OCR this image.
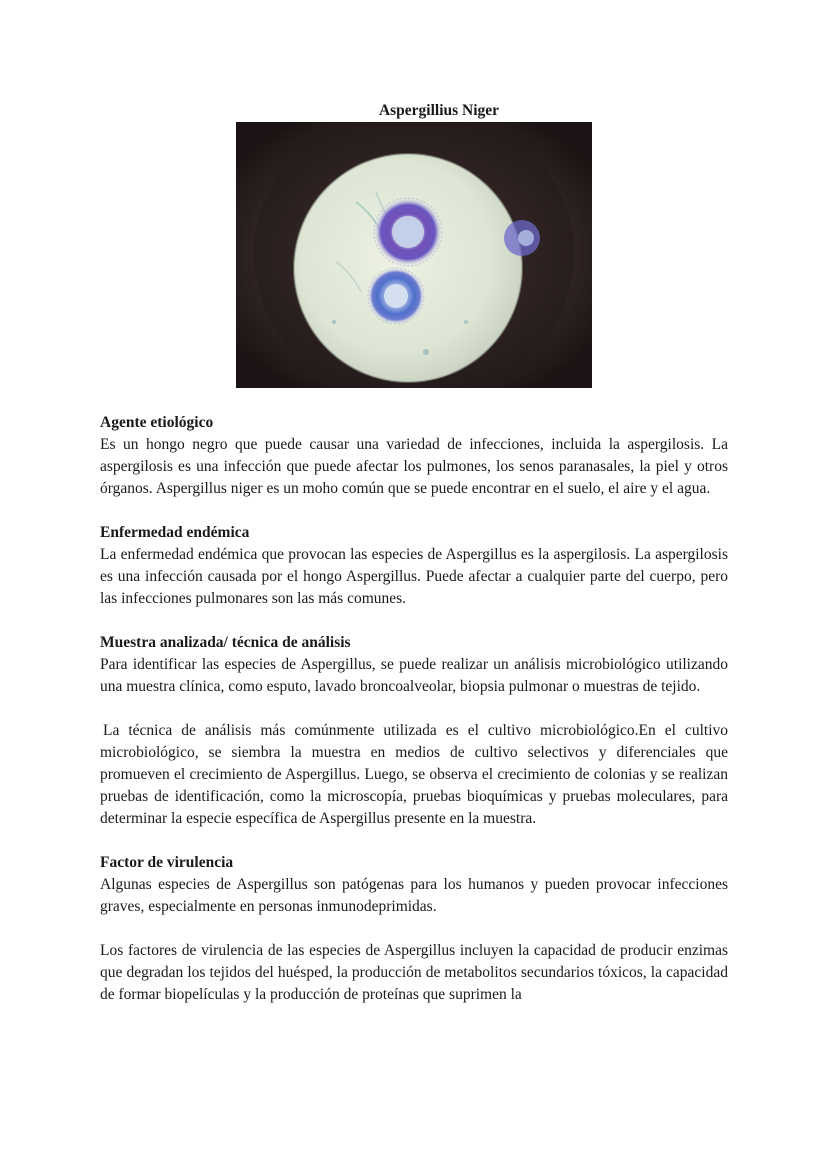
Aspergillius Niger

Agente etiológico

Es un hongo negro que puede causar una variedad de infecciones, incluida la aspergilosis. La aspergilosis es una infección que puede afectar los pulmones, los senos paranasales, la piel y otros órganos. Aspergillus niger es un moho común que se puede encontrar en el suelo, el aire y el agua.

Enfermedad endémica

La enfermedad endémica que provocan las especies de Aspergillus es la aspergilosis. La aspergilosis es una infección causada por el hongo Aspergillus. Puede afectar a cualquier parte del cuerpo, pero las infecciones pulmonares son las más comunes.

Muestra analizada/ técnica de análisis

Para identificar las especies de Aspergillus, se puede realizar un análisis microbiológico utilizando una muestra clínica, como esputo, lavado broncoalveolar, biopsia pulmonar o muestras de tejido.

La técnica de análisis más comúnmente utilizada es el cultivo microbiológico.En el cultivo microbiológico, se siembra la muestra en medios de cultivo selectivos y diferenciales que promueven el crecimiento de Aspergillus. Luego, se observa el crecimiento de colonias y se realizan pruebas de identificación, como la microscopía, pruebas bioquímicas y pruebas moleculares, para determinar la especie específica de Aspergillus presente en la muestra.

Factor de virulencia

Algunas especies de Aspergillus son patógenas para los humanos y pueden provocar infecciones graves, especialmente en personas inmunodeprimidas.

Los factores de virulencia de las especies de Aspergillus incluyen la capacidad de producir enzimas que degradan los tejidos del huésped, la producción de metabolitos secundarios tóxicos, la capacidad de formar biopelículas y la producción de proteínas que suprimen la
